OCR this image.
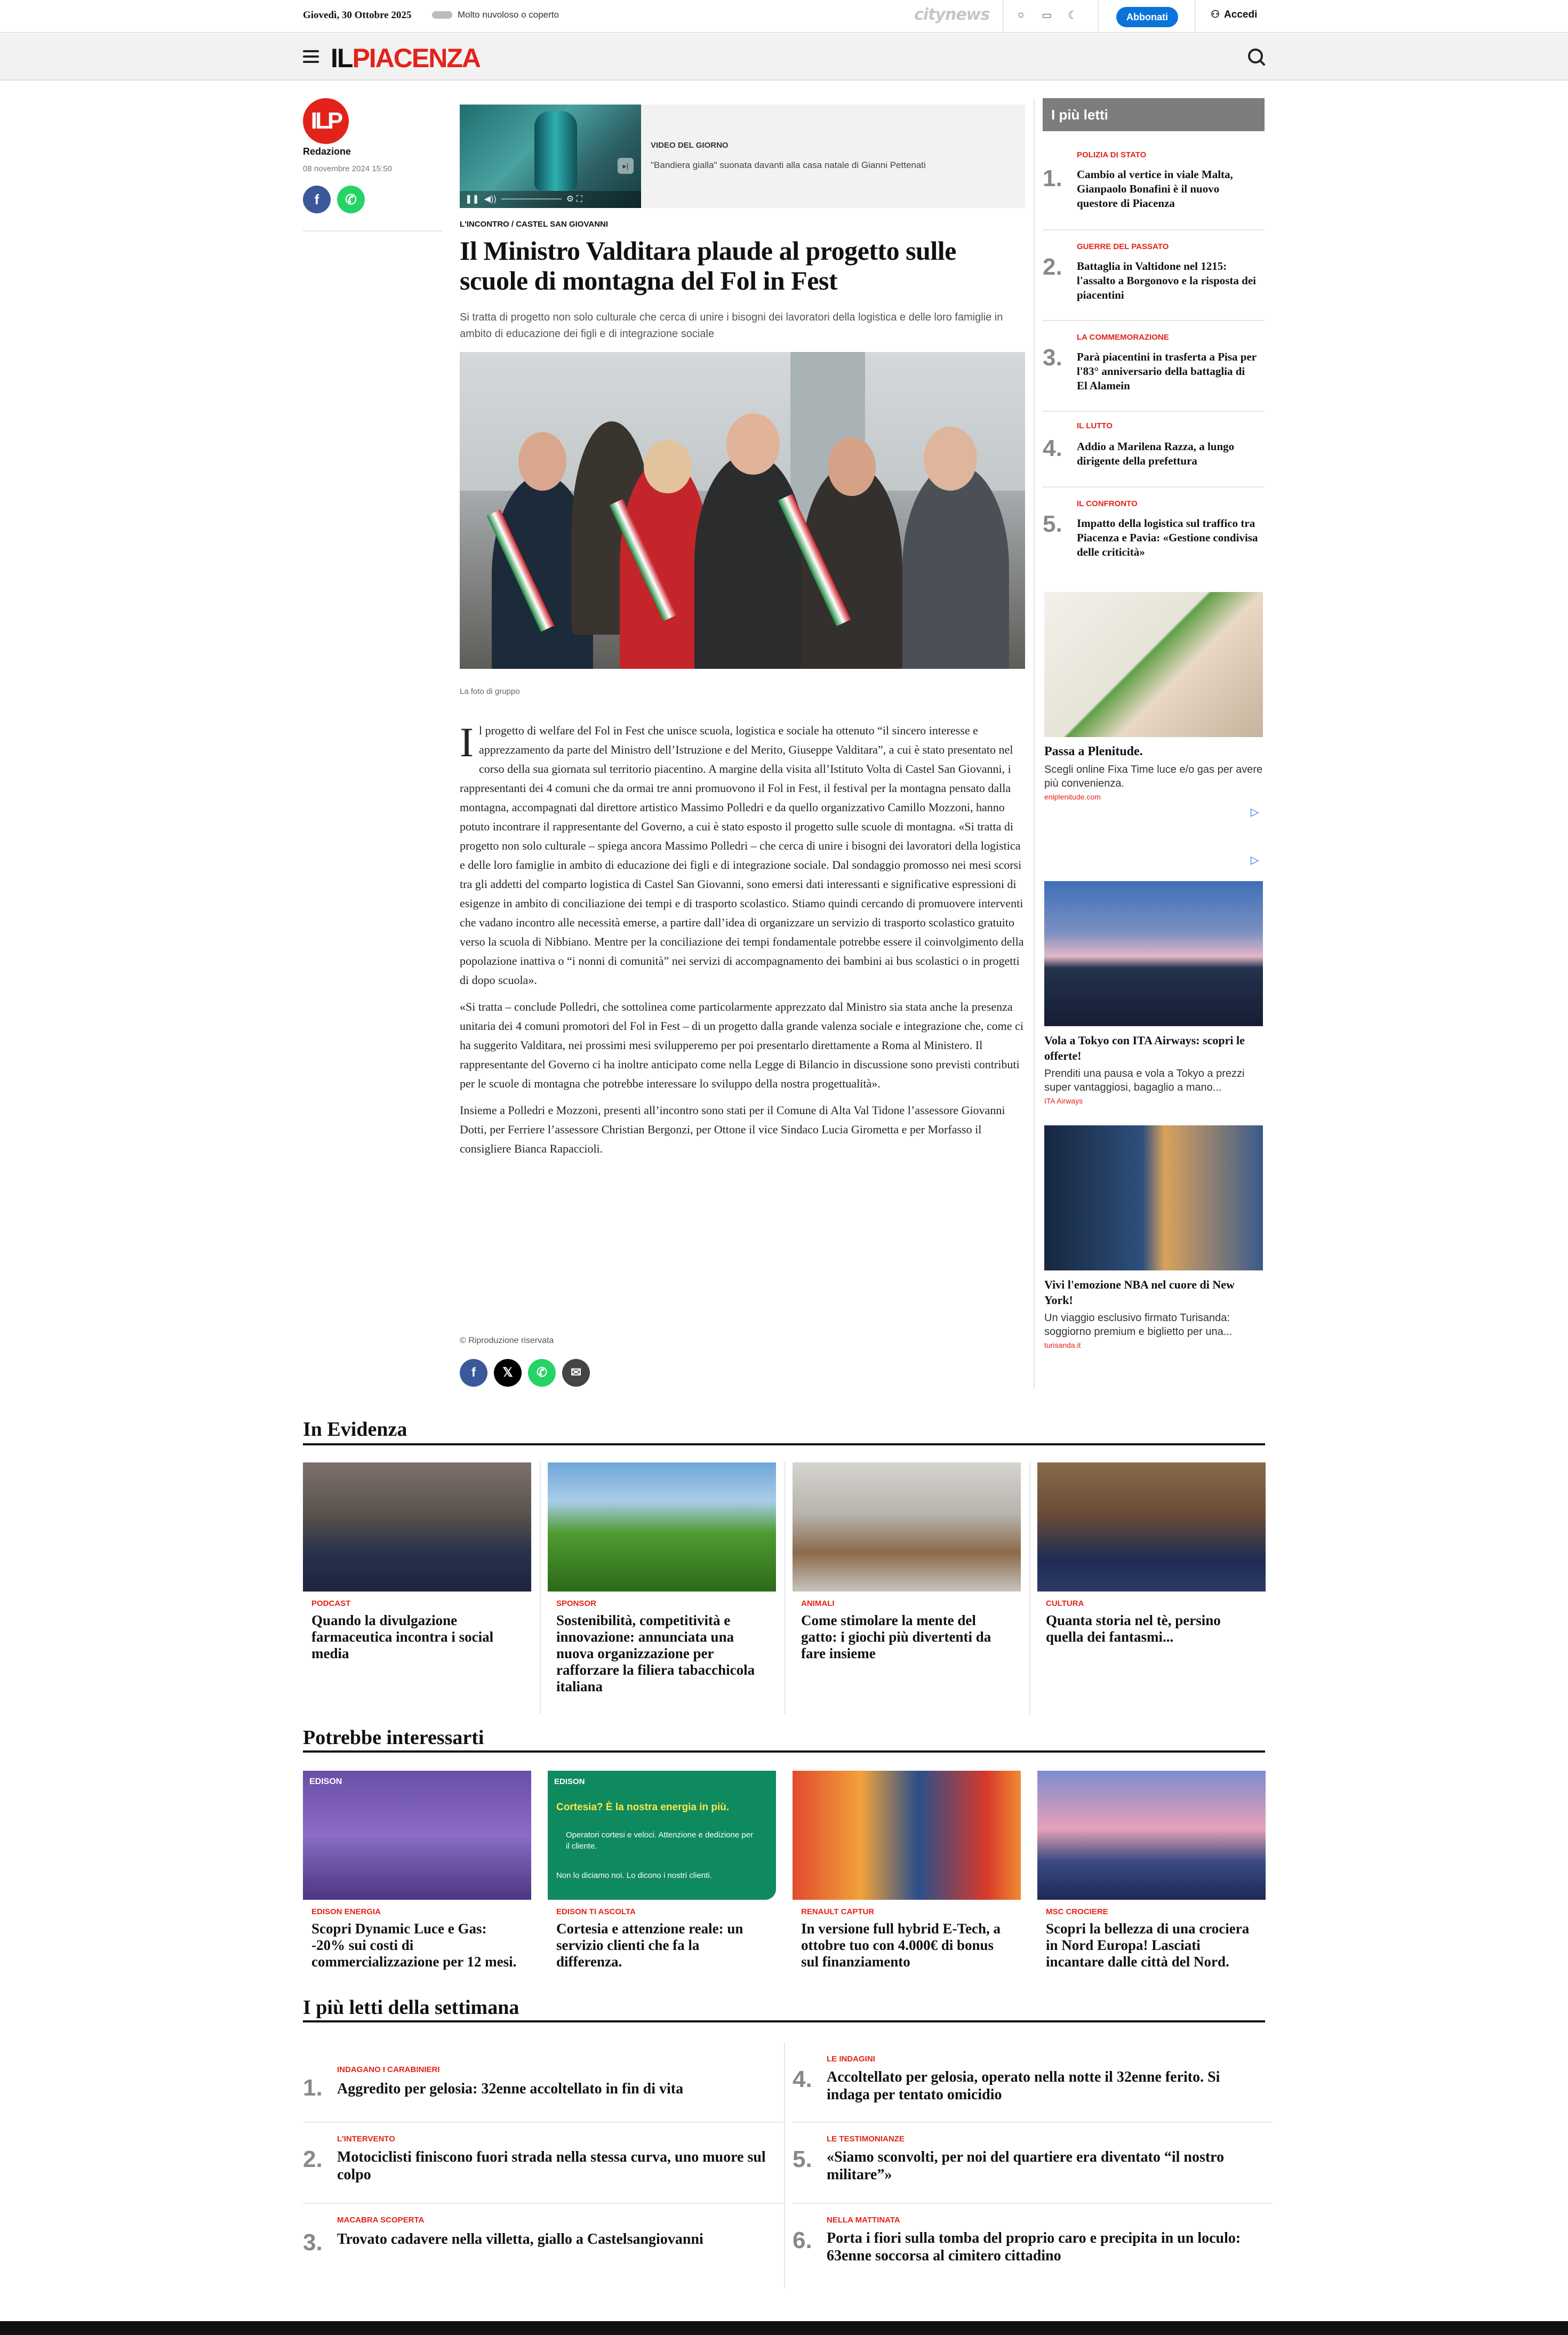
Giovedì, 30 Ottobre 2025	Molto nuvoloso o coperto	citynews ☼ ▭ ☾	Abbonati	⚇ Accedi
ILPIACENZA
ILP
Redazione
08 novembre 2024 15:50
f	✆
▸|
❚❚  ◀))  ──────────  ⚙ ⛶
VIDEO DEL GIORNO
"Bandiera gialla" suonata davanti alla casa natale di Gianni Pettenati
L'INCONTRO / CASTEL SAN GIOVANNI
Il Ministro Valditara plaude al progetto sulle scuole di montagna del Fol in Fest
Si tratta di progetto non solo culturale che cerca di unire i bisogni dei lavoratori della logistica e delle loro famiglie in ambito di educazione dei figli e di integrazione sociale
La foto di gruppo

Il progetto di welfare del Fol in Fest che unisce scuola, logistica e sociale ha ottenuto “il sincero interesse e apprezzamento da parte del Ministro dell’Istruzione e del Merito, Giuseppe Valditara”, a cui è stato presentato nel corso della sua giornata sul territorio piacentino. A margine della visita all’Istituto Volta di Castel San Giovanni, i rappresentanti dei 4 comuni che da ormai tre anni promuovono il Fol in Fest, il festival per la montagna pensato dalla montagna, accompagnati dal direttore artistico Massimo Polledri e da quello organizzativo Camillo Mozzoni, hanno potuto incontrare il rappresentante del Governo, a cui è stato esposto il progetto sulle scuole di montagna. «Si tratta di progetto non solo culturale – spiega ancora Massimo Polledri – che cerca di unire i bisogni dei lavoratori della logistica e delle loro famiglie in ambito di educazione dei figli e di integrazione sociale. Dal sondaggio promosso nei mesi scorsi tra gli addetti del comparto logistica di Castel San Giovanni, sono emersi dati interessanti e significative espressioni di esigenze in ambito di conciliazione dei tempi e di trasporto scolastico. Stiamo quindi cercando di promuovere interventi che vadano incontro alle necessità emerse, a partire dall’idea di organizzare un servizio di trasporto scolastico gratuito verso la scuola di Nibbiano. Mentre per la conciliazione dei tempi fondamentale potrebbe essere il coinvolgimento della popolazione inattiva o “i nonni di comunità” nei servizi di accompagnamento dei bambini ai bus scolastici o in progetti di dopo scuola».

«Si tratta – conclude Polledri, che sottolinea come particolarmente apprezzato dal Ministro sia stata anche la presenza unitaria dei 4 comuni promotori del Fol in Fest – di un progetto dalla grande valenza sociale e integrazione che, come ci ha suggerito Valditara, nei prossimi mesi svilupperemo per poi presentarlo direttamente a Roma al Ministero. Il rappresentante del Governo ci ha inoltre anticipato come nella Legge di Bilancio in discussione sono previsti contributi per le scuole di montagna che potrebbe interessare lo sviluppo della nostra progettualità».

Insieme a Polledri e Mozzoni, presenti all’incontro sono stati per il Comune di Alta Val Tidone l’assessore Giovanni Dotti, per Ferriere l’assessore Christian Bergonzi, per Ottone il vice Sindaco Lucia Girometta e per Morfasso il consigliere Bianca Rapaccioli.

© Riproduzione riservata
f	𝕏	✆	✉
I più letti
1.
POLIZIA DI STATO
Cambio al vertice in viale Malta, Gianpaolo Bonafini è il nuovo questore di Piacenza
2.
GUERRE DEL PASSATO
Battaglia in Valtidone nel 1215: l'assalto a Borgonovo e la risposta dei piacentini
3.
LA COMMEMORAZIONE
Parà piacentini in trasferta a Pisa per l'83° anniversario della battaglia di El Alamein
4.
IL LUTTO
Addio a Marilena Razza, a lungo dirigente della prefettura
5.
IL CONFRONTO
Impatto della logistica sul traffico tra Piacenza e Pavia: «Gestione condivisa delle criticità»
Passa a Plenitude.
Scegli online Fixa Time luce e/o gas per avere più convenienza.
eniplenitude.com
▷
▷
Vola a Tokyo con ITA Airways: scopri le offerte!
Prenditi una pausa e vola a Tokyo a prezzi super vantaggiosi, bagaglio a mano...
ITA Airways
Vivi l'emozione NBA nel cuore di New York!
Un viaggio esclusivo firmato Turisanda: soggiorno premium e biglietto per una...
turisanda.it
In Evidenza
PODCAST
Quando la divulgazione farmaceutica incontra i social media
SPONSOR
Sostenibilità, competitività e innovazione: annunciata una nuova organizzazione per rafforzare la filiera tabacchicola italiana
ANIMALI
Come stimolare la mente del gatto: i giochi più divertenti da fare insieme
CULTURA
Quanta storia nel tè, persino quella dei fantasmi...
Potrebbe interessarti
EDISON
EDISON ENERGIA
Scopri Dynamic Luce e Gas: -20% sui costi di commercializzazione per 12 mesi.
EDISON
Cortesia? È la nostra energia in più.
Operatori cortesi e veloci. Attenzione e dedizione per il cliente.
Non lo diciamo noi. Lo dicono i nostri clienti.
EDISON TI ASCOLTA
Cortesia e attenzione reale: un servizio clienti che fa la differenza.
RENAULT CAPTUR
In versione full hybrid E-Tech, a ottobre tuo con 4.000€ di bonus sul finanziamento
MSC CROCIERE
Scopri la bellezza di una crociera in Nord Europa! Lasciati incantare dalle città del Nord.
I più letti della settimana
1.
INDAGANO I CARABINIERI
Aggredito per gelosia: 32enne accoltellato in fin di vita
2.
L'INTERVENTO
Motociclisti finiscono fuori strada nella stessa curva, uno muore sul colpo
3.
MACABRA SCOPERTA
Trovato cadavere nella villetta, giallo a Castelsangiovanni
4.
LE INDAGINI
Accoltellato per gelosia, operato nella notte il 32enne ferito. Si indaga per tentato omicidio
5.
LE TESTIMONIANZE
«Siamo sconvolti, per noi del quartiere era diventato “il nostro militare”»
6.
NELLA MATTINATA
Porta i fiori sulla tomba del proprio caro e precipita in un loculo: 63enne soccorsa al cimitero cittadino
